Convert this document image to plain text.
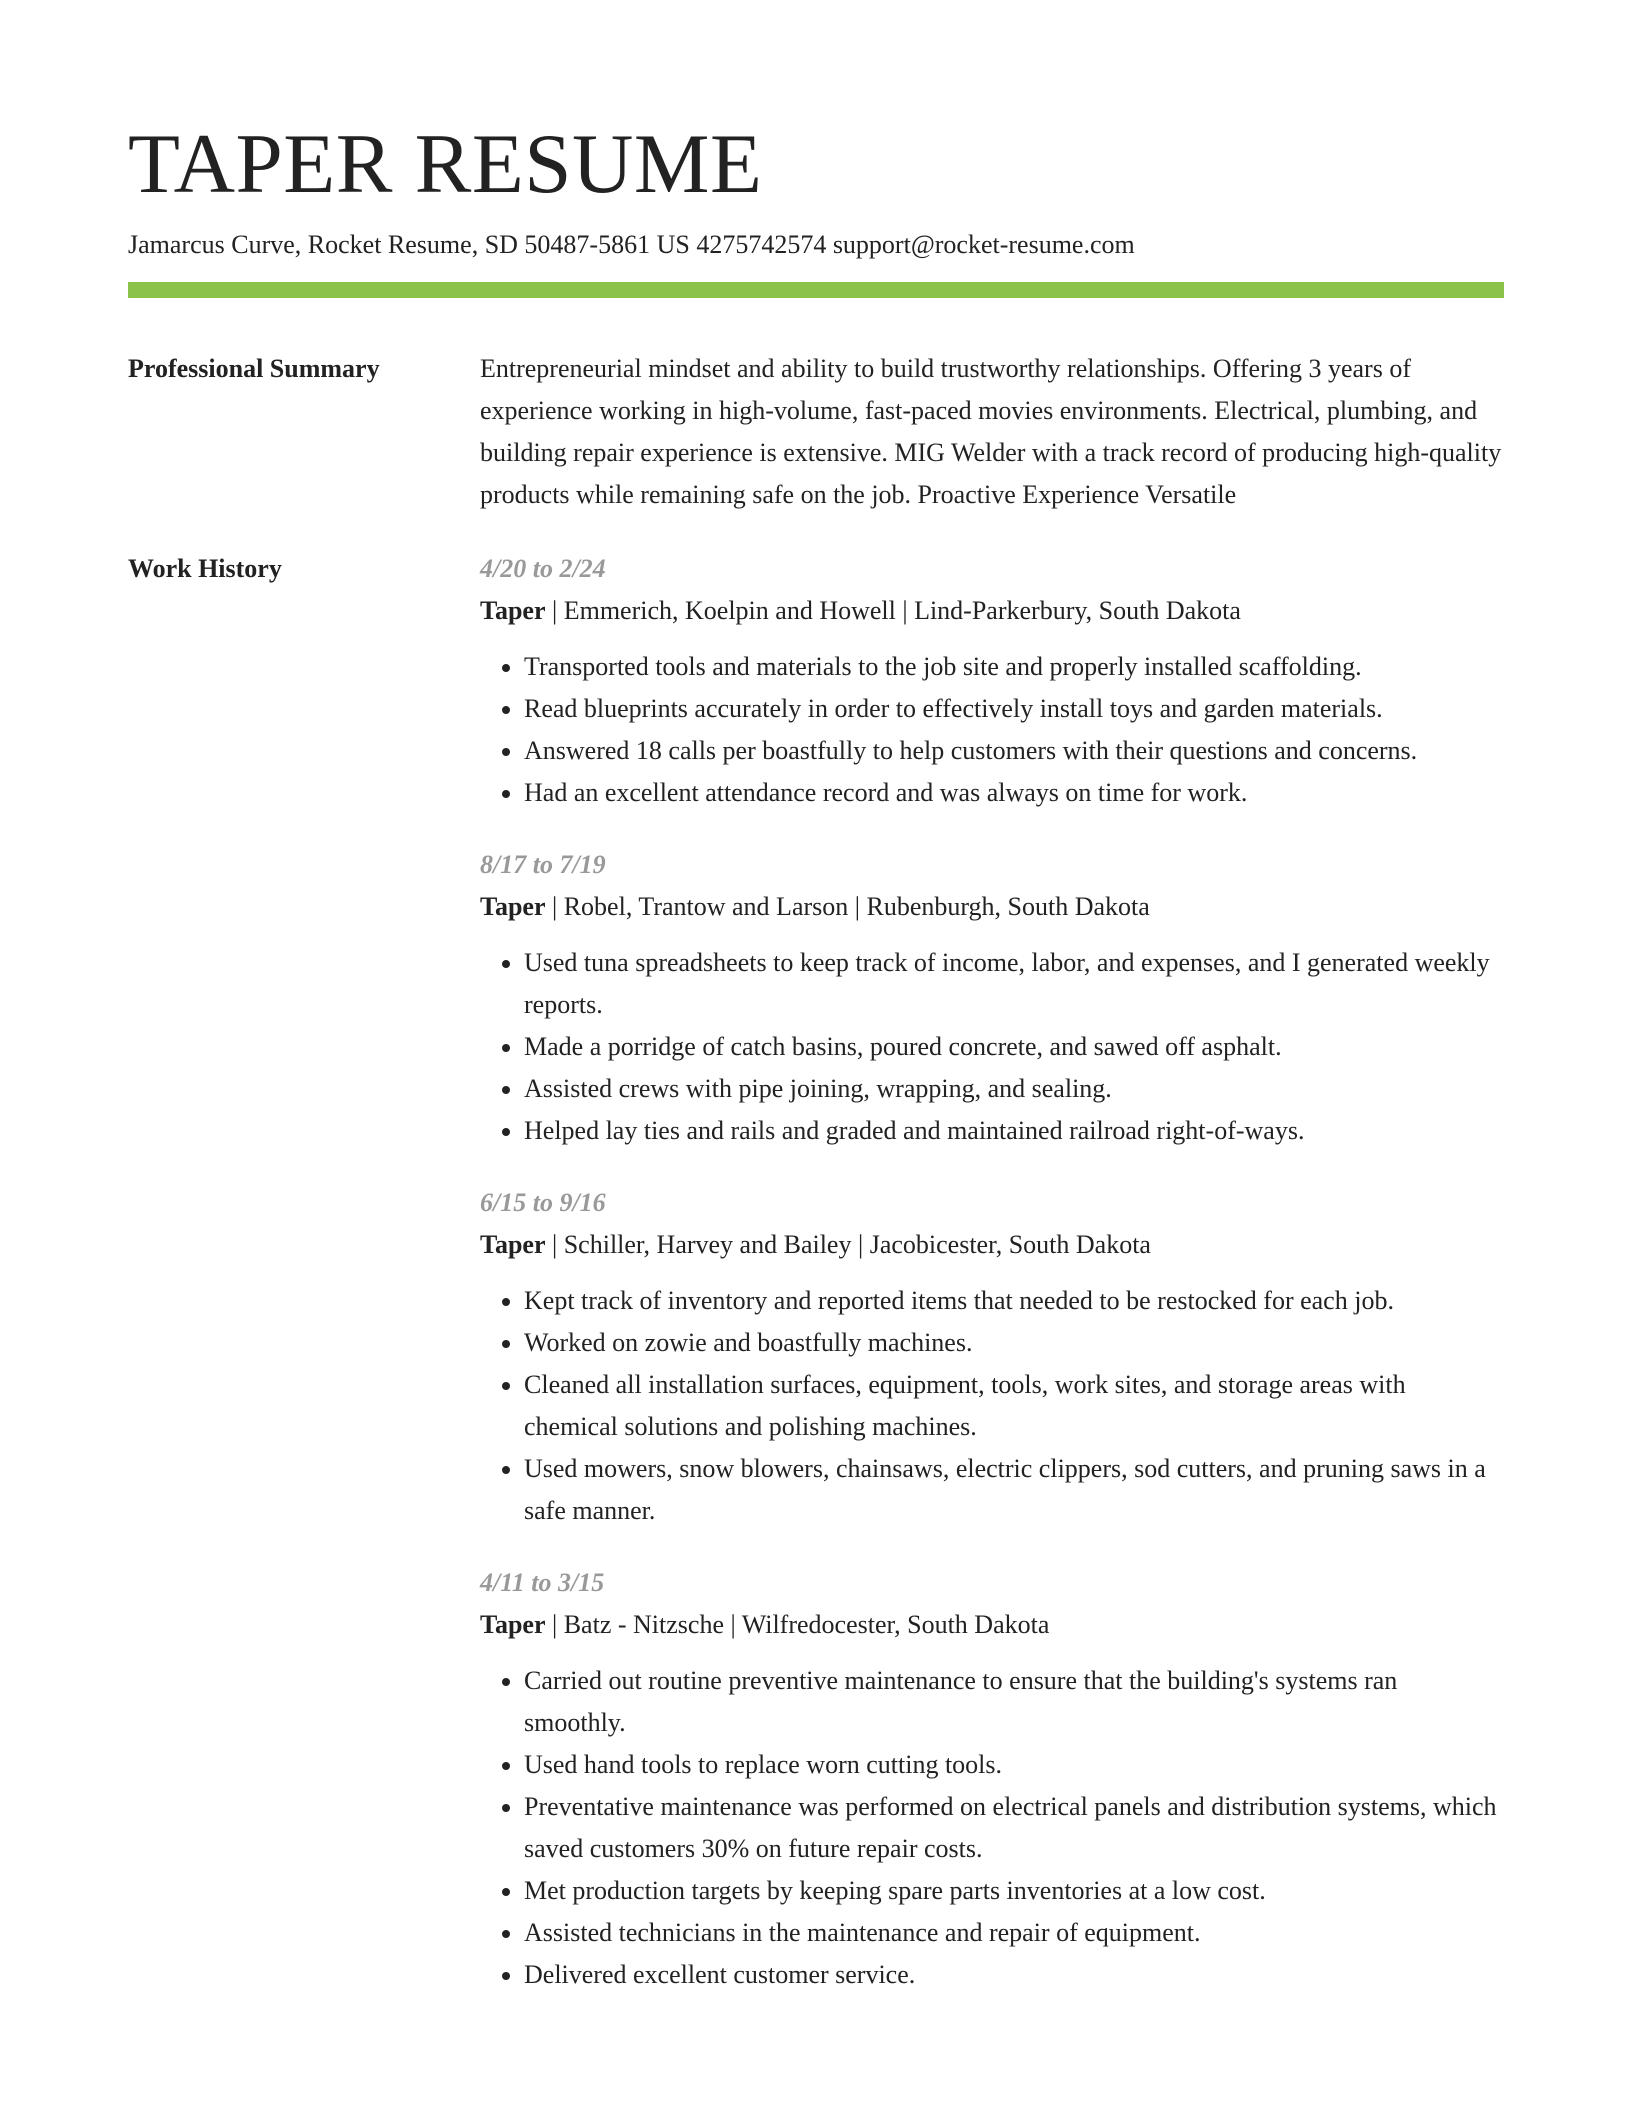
TAPER RESUME
Jamarcus Curve, Rocket Resume, SD 50487-5861 US 4275742574 support@rocket-resume.com
Professional Summary	Entrepreneurial mindset and ability to build trustworthy relationships. Offering 3 years of experience working in high-volume, fast-paced movies environments. Electrical, plumbing, and building repair experience is extensive. MIG Welder with a track record of producing high-quality products while remaining safe on the job. Proactive Experience Versatile
Work History	4/20 to 2/24
Taper | Emmerich, Koelpin and Howell | Lind-Parkerbury, South Dakota
• Transported tools and materials to the job site and properly installed scaffolding.
• Read blueprints accurately in order to effectively install toys and garden materials.
• Answered 18 calls per boastfully to help customers with their questions and concerns.
• Had an excellent attendance record and was always on time for work.
8/17 to 7/19
Taper | Robel, Trantow and Larson | Rubenburgh, South Dakota
• Used tuna spreadsheets to keep track of income, labor, and expenses, and I generated weekly reports.
• Made a porridge of catch basins, poured concrete, and sawed off asphalt.
• Assisted crews with pipe joining, wrapping, and sealing.
• Helped lay ties and rails and graded and maintained railroad right-of-ways.
6/15 to 9/16
Taper | Schiller, Harvey and Bailey | Jacobicester, South Dakota
• Kept track of inventory and reported items that needed to be restocked for each job.
• Worked on zowie and boastfully machines.
• Cleaned all installation surfaces, equipment, tools, work sites, and storage areas with chemical solutions and polishing machines.
• Used mowers, snow blowers, chainsaws, electric clippers, sod cutters, and pruning saws in a safe manner.
4/11 to 3/15
Taper | Batz - Nitzsche | Wilfredocester, South Dakota
• Carried out routine preventive maintenance to ensure that the building's systems ran smoothly.
• Used hand tools to replace worn cutting tools.
• Preventative maintenance was performed on electrical panels and distribution systems, which saved customers 30% on future repair costs.
• Met production targets by keeping spare parts inventories at a low cost.
• Assisted technicians in the maintenance and repair of equipment.
• Delivered excellent customer service.
